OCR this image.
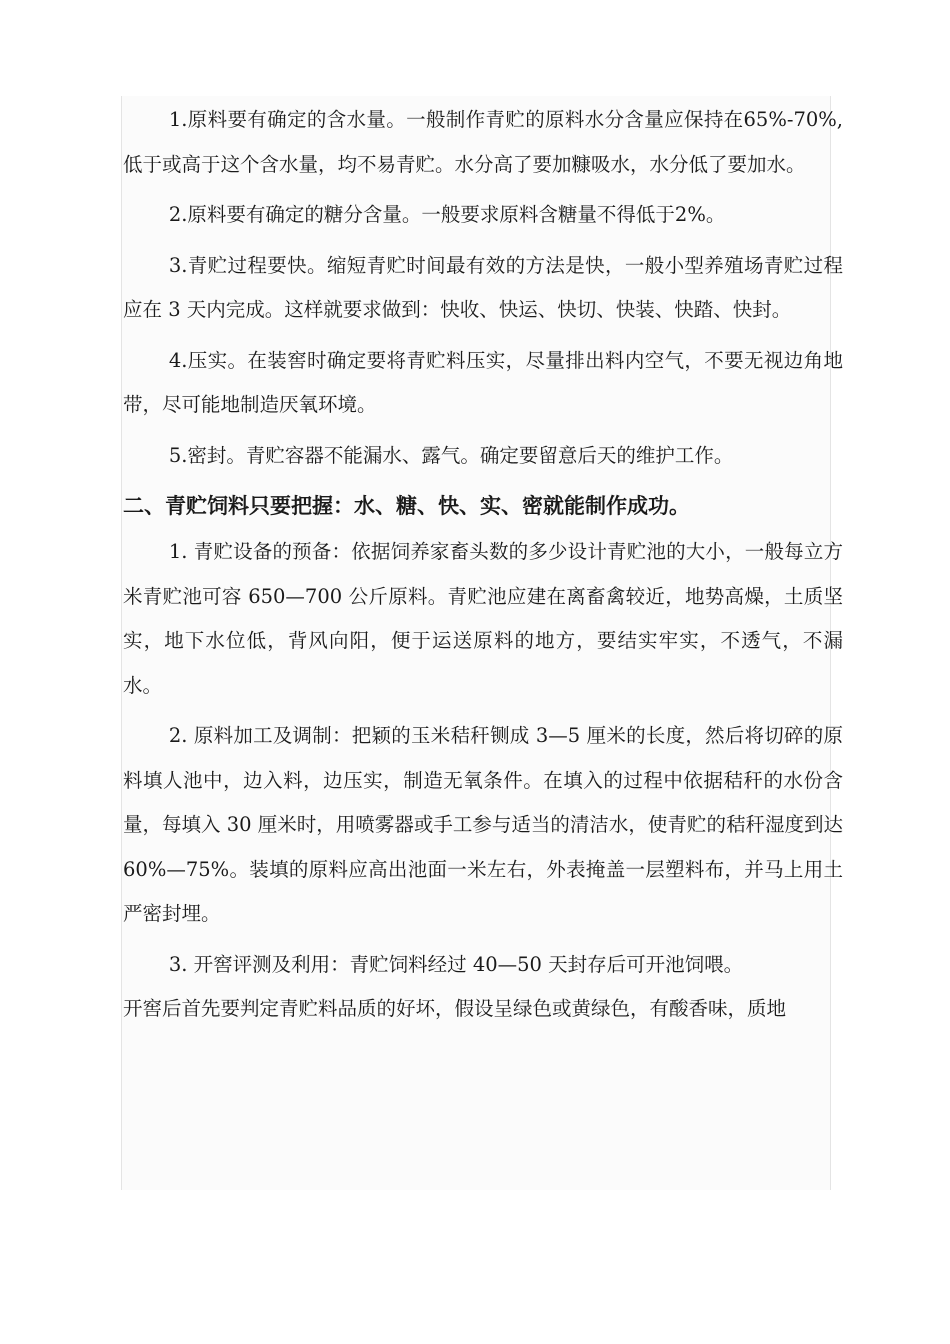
1.原料要有确定的含水量。一般制作青贮的原料水分含量应保持在65%-70%,低于或高于这个含水量，均不易青贮。水分高了要加糠吸水，水分低了要加水。

2.原料要有确定的糖分含量。一般要求原料含糖量不得低于2%。

3.青贮过程要快。缩短青贮时间最有效的方法是快，一般小型养殖场青贮过程应在 3 天内完成。这样就要求做到：快收、快运、快切、快装、快踏、快封。

4.压实。在装窖时确定要将青贮料压实，尽量排出料内空气，不要无视边角地带，尽可能地制造厌氧环境。

5.密封。青贮容器不能漏水、露气。确定要留意后天的维护工作。

二、青贮饲料只要把握：水、糖、快、实、密就能制作成功。

1. 青贮设备的预备：依据饲养家畜头数的多少设计青贮池的大小，一般每立方米青贮池可容 650—700 公斤原料。青贮池应建在离畜禽较近，地势高燥，土质坚实，地下水位低，背风向阳，便于运送原料的地方，要结实牢实，不透气，不漏水。

2. 原料加工及调制：把颖的玉米秸秆铡成 3—5 厘米的长度，然后将切碎的原料填人池中，边入料，边压实，制造无氧条件。在填入的过程中依据秸秆的水份含量，每填入 30 厘米时，用喷雾器或手工参与适当的清洁水，使青贮的秸秆湿度到达 60%—75%。装填的原料应高出池面一米左右，外表掩盖一层塑料布，并马上用土严密封埋。

3. 开窖评测及利用：青贮饲料经过 40—50 天封存后可开池饲喂。

开窖后首先要判定青贮料品质的好坏，假设呈绿色或黄绿色，有酸香味，质地
